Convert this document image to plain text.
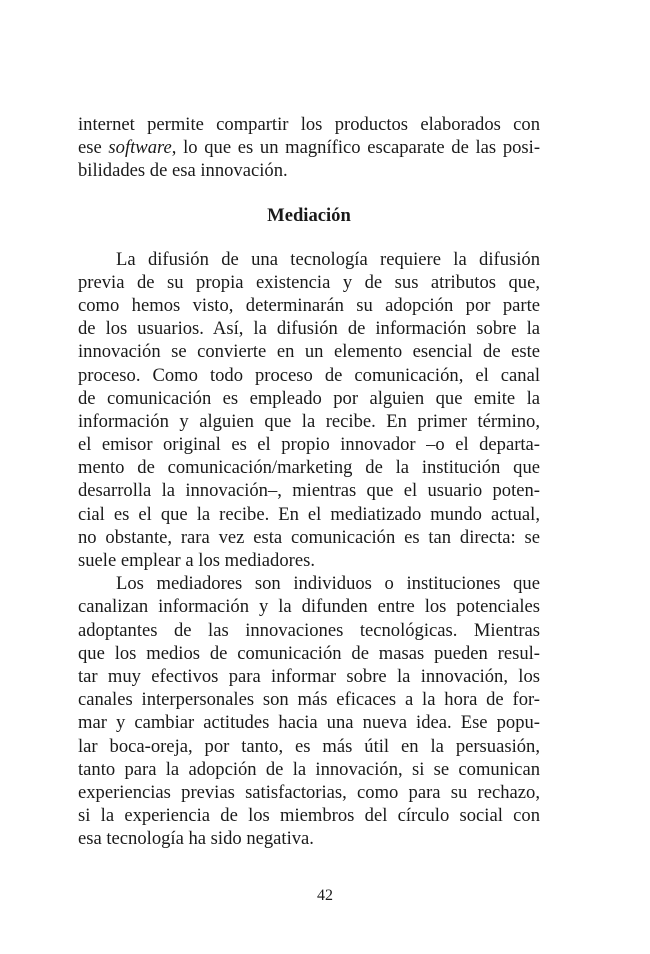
internet permite compartir los productos elaborados con
ese software, lo que es un magnífico escaparate de las posi-
bilidades de esa innovación.
Mediación
La difusión de una tecnología requiere la difusión
previa de su propia existencia y de sus atributos que,
como hemos visto, determinarán su adopción por parte
de los usuarios. Así, la difusión de información sobre la
innovación se convierte en un elemento esencial de este
proceso. Como todo proceso de comunicación, el canal
de comunicación es empleado por alguien que emite la
información y alguien que la recibe. En primer término,
el emisor original es el propio innovador –o el departa-
mento de comunicación/marketing de la institución que
desarrolla la innovación–, mientras que el usuario poten-
cial es el que la recibe. En el mediatizado mundo actual,
no obstante, rara vez esta comunicación es tan directa: se
suele emplear a los mediadores.
Los mediadores son individuos o instituciones que
canalizan información y la difunden entre los potenciales
adoptantes de las innovaciones tecnológicas. Mientras
que los medios de comunicación de masas pueden resul-
tar muy efectivos para informar sobre la innovación, los
canales interpersonales son más eficaces a la hora de for-
mar y cambiar actitudes hacia una nueva idea. Ese popu-
lar boca-oreja, por tanto, es más útil en la persuasión,
tanto para la adopción de la innovación, si se comunican
experiencias previas satisfactorias, como para su rechazo,
si la experiencia de los miembros del círculo social con
esa tecnología ha sido negativa.
42
